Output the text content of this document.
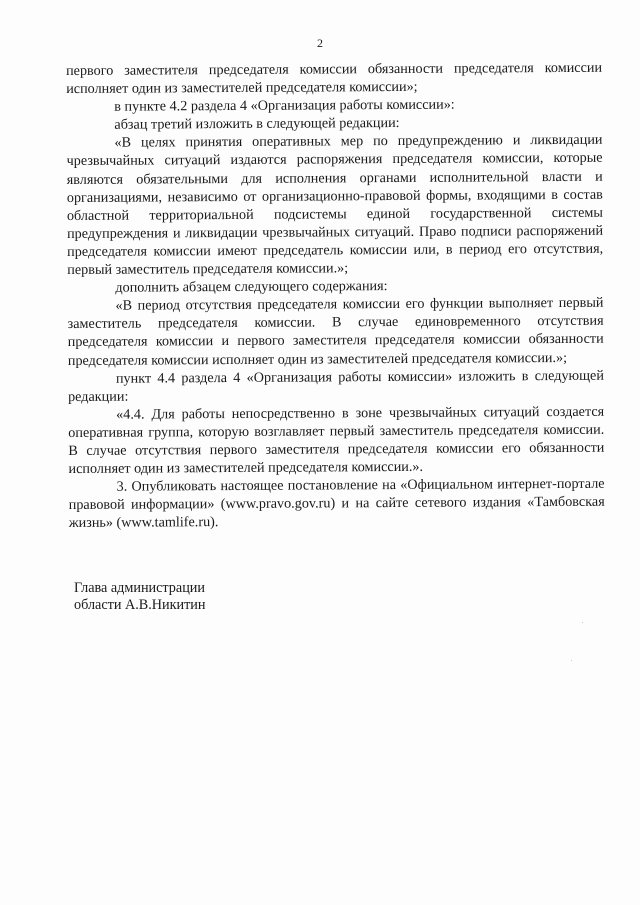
2

первого заместителя председателя комиссии обязанности председателя комиссии исполняет один из заместителей председателя комиссии»;

в пункте 4.2 раздела 4 «Организация работы комиссии»:

абзац третий изложить в следующей редакции:

«В целях принятия оперативных мер по предупреждению и ликвидации чрезвычайных ситуаций издаются распоряжения председателя комиссии, которые являются обязательными для исполнения органами исполнительной власти и организациями, независимо от организационно-правовой формы, входящими в состав областной территориальной подсистемы единой государственной системы предупреждения и ликвидации чрезвычайных ситуаций. Право подписи распоряжений председателя комиссии имеют председатель комиссии или, в период его отсутствия, первый заместитель председателя комиссии.»;

дополнить абзацем следующего содержания:

«В период отсутствия председателя комиссии его функции выполняет первый заместитель председателя комиссии. В случае единовременного отсутствия председателя комиссии и первого заместителя председателя комиссии обязанности председателя комиссии исполняет один из заместителей председателя комиссии.»;

пункт 4.4 раздела 4 «Организация работы комиссии» изложить в следующей редакции:

«4.4. Для работы непосредственно в зоне чрезвычайных ситуаций создается оперативная группа, которую возглавляет первый заместитель председателя комиссии. В случае отсутствия первого заместителя председателя комиссии его обязанности исполняет один из заместителей председателя комиссии.».

3. Опубликовать настоящее постановление на «Официальном интернет-портале правовой информации» (www.pravo.gov.ru) и на сайте сетевого издания «Тамбовская жизнь» (www.tamlife.ru).

Глава администрации
области А.В.Никитин
